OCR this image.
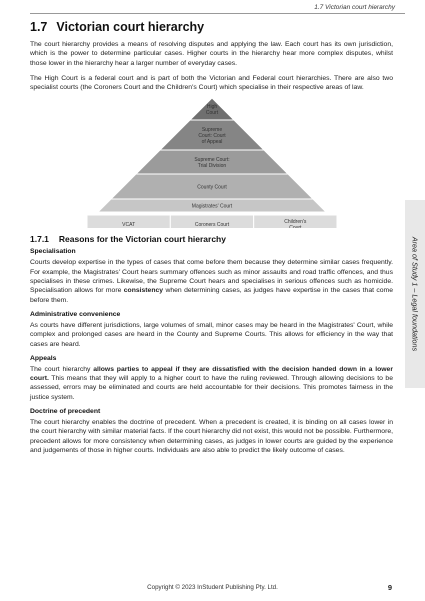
1.7 Victorian court hierarchy
1.7 Victorian court hierarchy

The court hierarchy provides a means of resolving disputes and applying the law. Each court has its own jurisdiction, which is the power to determine particular cases. Higher courts in the hierarchy hear more complex disputes, whilst those lower in the hierarchy hear a larger number of everyday cases.

The High Court is a federal court and is part of both the Victorian and Federal court hierarchies. There are also two specialist courts (the Coroners Court and the Children's Court) which specialise in their respective areas of law.

High Court
Supreme Court: Court of Appeal
Supreme Court: Trial Division
County Court
Magistrates' Court
VCAT	Coroners Court	Children's Court
1.7.1 Reasons for the Victorian court hierarchy
Specialisation

Courts develop expertise in the types of cases that come before them because they determine similar cases frequently. For example, the Magistrates' Court hears summary offences such as minor assaults and road traffic offences, and thus specialises in these crimes. Likewise, the Supreme Court hears and specialises in serious offences such as homicide. Specialisation allows for more consistency when determining cases, as judges have expertise in the cases that come before them.

Administrative convenience

As courts have different jurisdictions, large volumes of small, minor cases may be heard in the Magistrates' Court, while complex and prolonged cases are heard in the County and Supreme Courts. This allows for efficiency in the way that cases are heard.

Appeals

The court hierarchy allows parties to appeal if they are dissatisfied with the decision handed down in a lower court. This means that they will apply to a higher court to have the ruling reviewed. Through allowing decisions to be assessed, errors may be eliminated and courts are held accountable for their decisions. This promotes fairness in the justice system.

Doctrine of precedent

The court hierarchy enables the doctrine of precedent. When a precedent is created, it is binding on all cases lower in the court hierarchy with similar material facts. If the court hierarchy did not exist, this would not be possible. Furthermore, precedent allows for more consistency when determining cases, as judges in lower courts are guided by the experience and judgements of those in higher courts. Individuals are also able to predict the likely outcome of cases.

Area of Study 1 – Legal foundations
Copyright © 2023 InStudent Publishing Pty. Ltd.	9
